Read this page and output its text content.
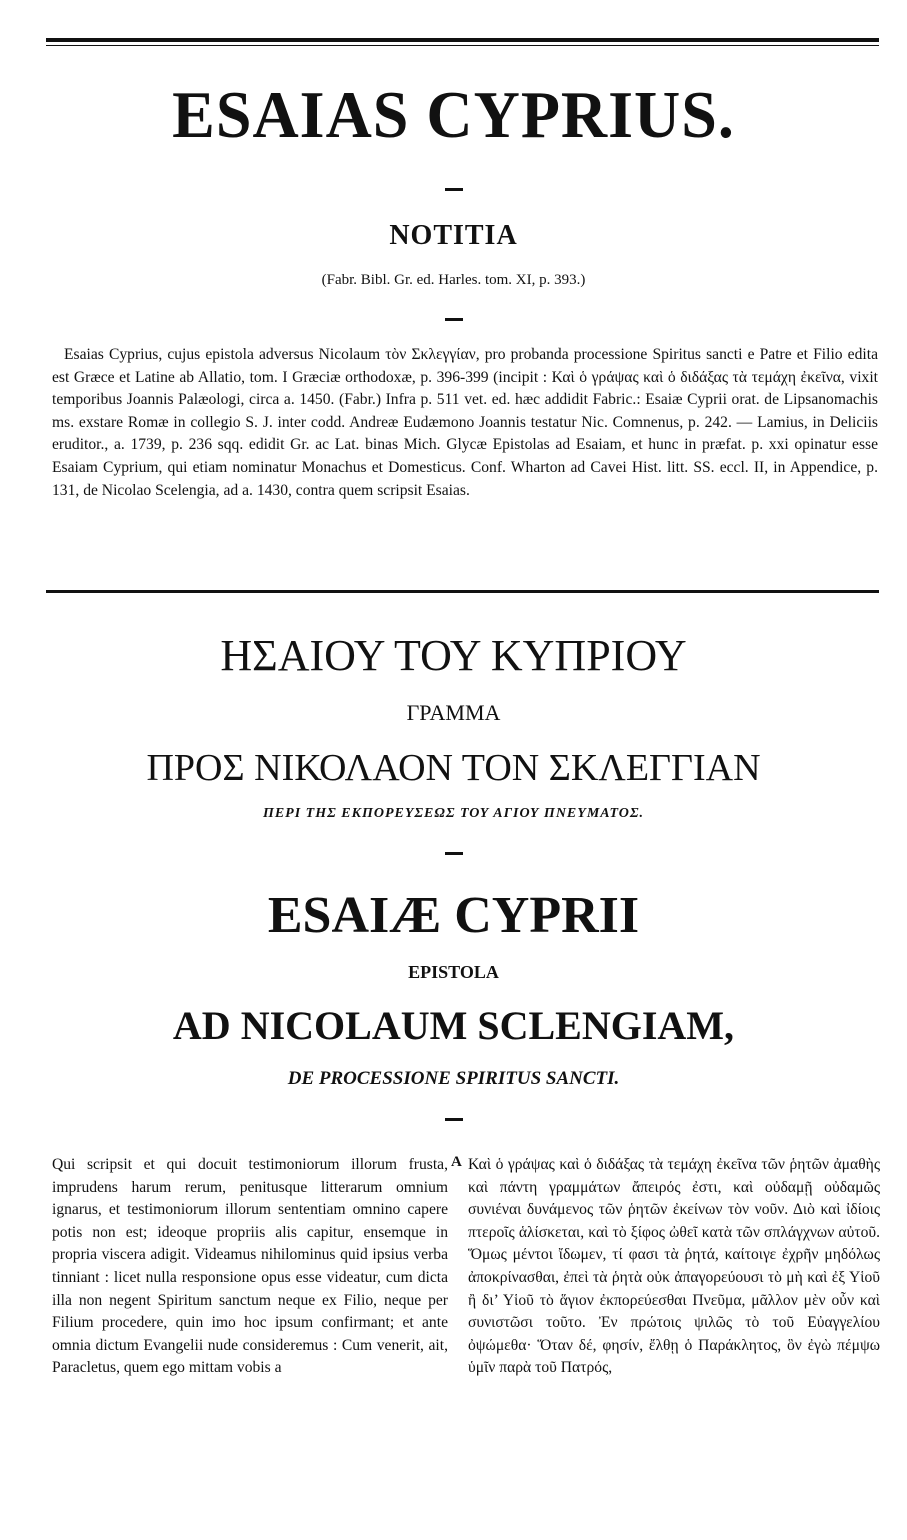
ESAIAS CYPRIUS.
NOTITIA
(Fabr. Bibl. Gr. ed. Harles. tom. XI, p. 393.)

Esaias Cyprius, cujus epistola adversus Nicolaum τὸν Σκλεγγίαν, pro probanda processione Spiritus sancti e Patre et Filio edita est Græce et Latine ab Allatio, tom. I Græciæ orthodoxæ, p. 396-399 (incipit : Καὶ ὁ γράψας καὶ ὁ διδάξας τὰ τεμάχη ἐκεῖνα, vixit temporibus Joannis Palæologi, circa a. 1450. (Fabr.) Infra p. 511 vet. ed. hæc addidit Fabric.: Esaiæ Cyprii orat. de Lipsanomachis ms. exstare Romæ in collegio S. J. inter codd. Andreæ Eudæmono Joannis testatur Nic. Comnenus, p. 242. — Lamius, in Deliciis eruditor., a. 1739, p. 236 sqq. edidit Gr. ac Lat. binas Mich. Glycæ Epistolas ad Esaiam, et hunc in præfat. p. xxi opinatur esse Esaiam Cyprium, qui etiam nominatur Monachus et Domesticus. Conf. Wharton ad Cavei Hist. litt. SS. eccl. II, in Appendice, p. 131, de Nicolao Scelengia, ad a. 1430, contra quem scripsit Esaias.

ΗΣΑΙΟΥ ΤΟΥ ΚΥΠΡΙΟΥ
ΓΡΑΜΜΑ
ΠΡΟΣ ΝΙΚΟΛΑΟΝ ΤΟΝ ΣΚΛΕΓΓΙΑΝ
ΠΕΡΙ ΤΗΣ ΕΚΠΟΡΕΥΣΕΩΣ ΤΟΥ ΑΓΙΟΥ ΠΝΕΥΜΑΤΟΣ.
ESAIÆ CYPRII
EPISTOLA
AD NICOLAUM SCLENGIAM,
DE PROCESSIONE SPIRITUS SANCTI.

Qui scripsit et qui docuit testimoniorum illorum frusta, imprudens harum rerum, penitusque litterarum omnium ignarus, et testimoniorum illorum sententiam omnino capere potis non est; ideoque propriis alis capitur, ensemque in propria viscera adigit. Videamus nihilominus quid ipsius verba tinniant : licet nulla responsione opus esse videatur, cum dicta illa non negent Spiritum sanctum neque ex Filio, neque per Filium procedere, quin imo hoc ipsum confirmant; et ante omnia dictum Evangelii nude consideremus : Cum venerit, ait, Paracletus, quem ego mittam vobis a

A Καὶ ὁ γράψας καὶ ὁ διδάξας τὰ τεμάχη ἐκεῖνα τῶν ῥητῶν ἀμαθὴς καὶ πάντη γραμμάτων ἄπειρός ἐστι, καὶ οὐδαμῇ οὐδαμῶς συνιέναι δυνάμενος τῶν ῥητῶν ἐκείνων τὸν νοῦν. Διὸ καὶ ἰδίοις πτεροῖς ἁλίσκεται, καὶ τὸ ξίφος ὠθεῖ κατὰ τῶν σπλάγχνων αὐτοῦ. Ὅμως μέντοι ἴδωμεν, τί φασι τὰ ῥητά, καίτοιγε ἐχρῆν μηδόλως ἀποκρίνασθαι, ἐπεὶ τὰ ῥητὰ οὐκ ἀπαγορεύουσι τὸ μὴ καὶ ἐξ Υἱοῦ ἢ δι’ Υἱοῦ τὸ ἅγιον ἐκπορεύεσθαι Πνεῦμα, μᾶλλον μὲν οὖν καὶ συνιστῶσι τοῦτο. Ἐν πρώτοις ψιλῶς τὸ τοῦ Εὐαγγελίου ὀψώμεθα· Ὅταν δέ, φησίν, ἔλθῃ ὁ Παράκλητος, ὃν ἐγὼ πέμψω ὑμῖν παρὰ τοῦ Πατρός,
